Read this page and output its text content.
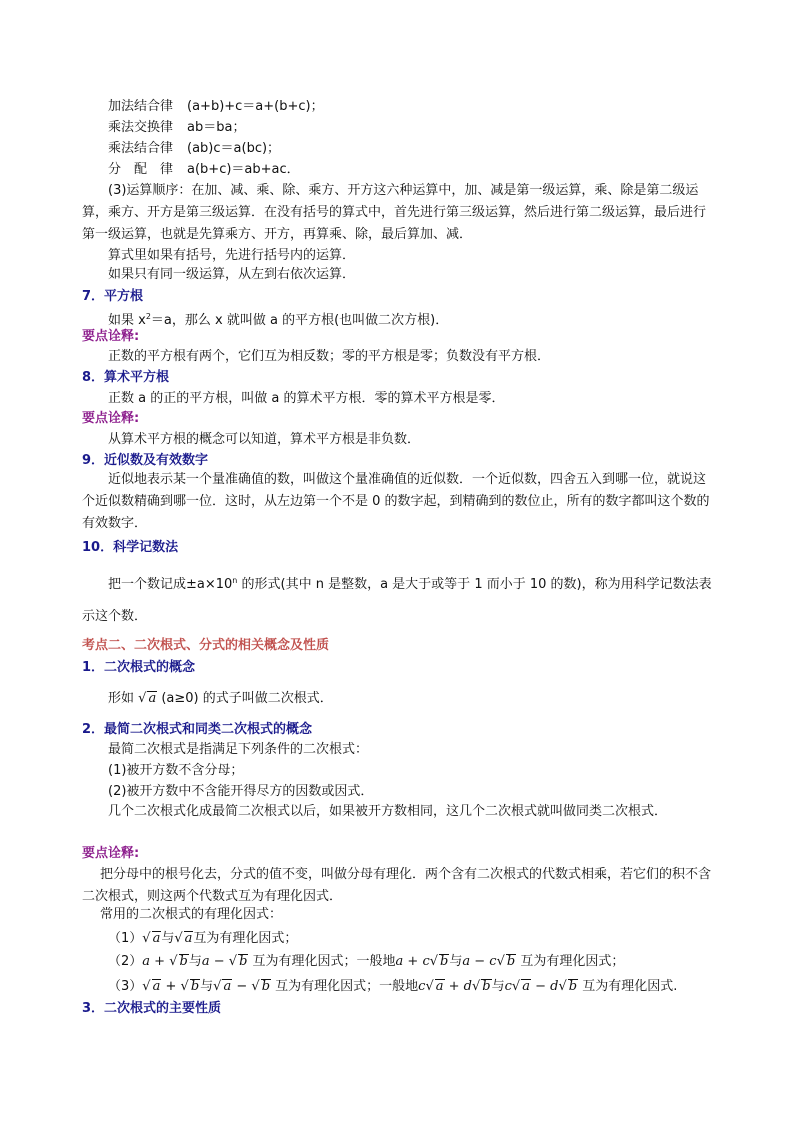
加法结合律 (a+b)+c＝a+(b+c)；
乘法交换律 ab＝ba；
乘法结合律 (ab)c＝a(bc)；
分　配　律 a(b+c)＝ab+ac．
(3)运算顺序：在加、减、乘、除、乘方、开方这六种运算中，加、减是第一级运算，乘、除是第二级运算，乘方、开方是第三级运算．在没有括号的算式中，首先进行第三级运算，然后进行第二级运算，最后进行第一级运算，也就是先算乘方、开方，再算乘、除，最后算加、减．
算式里如果有括号，先进行括号内的运算．
如果只有同一级运算，从左到右依次运算．
7．平方根
如果 $x^2=a$，那么 x 就叫做 a 的平方根(也叫做二次方根)．
要点诠释:
正数的平方根有两个，它们互为相反数；零的平方根是零；负数没有平方根．
8．算术平方根
正数 a 的正的平方根，叫做 a 的算术平方根．零的算术平方根是零．
要点诠释:
从算术平方根的概念可以知道，算术平方根是非负数．
9．近似数及有效数字
近似地表示某一个量准确值的数，叫做这个量准确值的近似数．一个近似数，四舍五入到哪一位，就说这个近似数精确到哪一位．这时，从左边第一个不是 0 的数字起，到精确到的数位止，所有的数字都叫这个数的有效数字．
10．科学记数法
把一个数记成$\pm a\times 10^n$ 的形式(其中 n 是整数，a 是大于或等于 1 而小于 10 的数)，称为用科学记数法表示这个数．
考点二、二次根式、分式的相关概念及性质
1．二次根式的概念
形如 √ a (a≥0) 的式子叫做二次根式．
2．最简二次根式和同类二次根式的概念
最简二次根式是指满足下列条件的二次根式：
(1)被开方数不含分母；
(2)被开方数中不含能开得尽方的因数或因式．
几个二次根式化成最简二次根式以后，如果被开方数相同，这几个二次根式就叫做同类二次根式．
要点诠释:
把分母中的根号化去，分式的值不变，叫做分母有理化．两个含有二次根式的代数式相乘，若它们的积不含二次根式，则这两个代数式互为有理化因式．
常用的二次根式的有理化因式：
（1）√ a与√ a互为有理化因式；
（2）a + √ b与a − √ b 互为有理化因式；一般地a + c√ b与a − c√ b 互为有理化因式；
（3）√ a + √ b与√ a − √ b 互为有理化因式；一般地c√ a + d√ b与c√ a − d√ b 互为有理化因式.
3．二次根式的主要性质
